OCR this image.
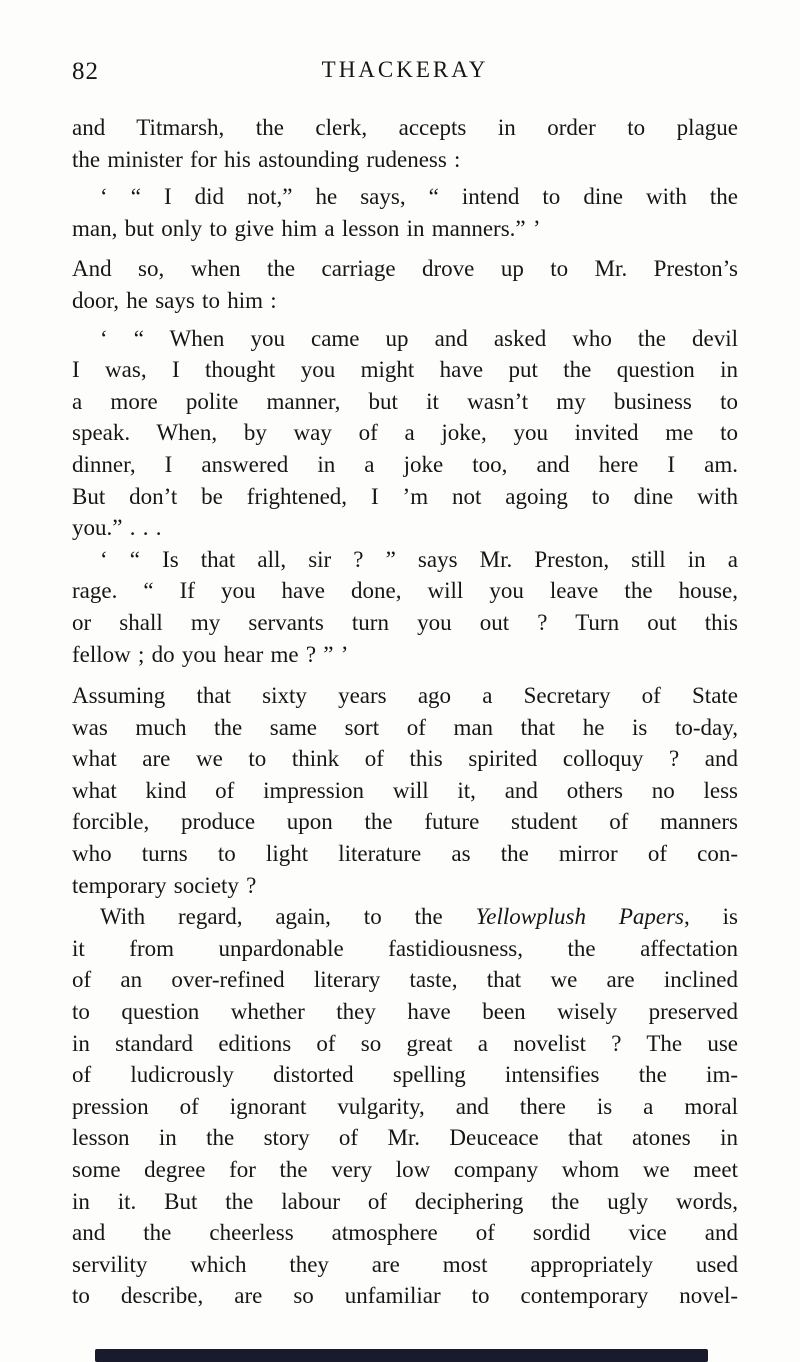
82	THACKERAY
and Titmarsh, the clerk, accepts in order to plague
the minister for his astounding rudeness :
‘ “ I did not,” he says, “ intend to dine with the
man, but only to give him a lesson in manners.” ’
And so, when the carriage drove up to Mr. Preston’s
door, he says to him :
‘ “ When you came up and asked who the devil
I was, I thought you might have put the question in
a more polite manner, but it wasn’t my business to
speak. When, by way of a joke, you invited me to
dinner, I answered in a joke too, and here I am.
But don’t be frightened, I ’m not agoing to dine with
you.” . . .
‘ “ Is that all, sir ? ” says Mr. Preston, still in a
rage. “ If you have done, will you leave the house,
or shall my servants turn you out ? Turn out this
fellow ; do you hear me ? ” ’
Assuming that sixty years ago a Secretary of State
was much the same sort of man that he is to-day,
what are we to think of this spirited colloquy ? and
what kind of impression will it, and others no less
forcible, produce upon the future student of manners
who turns to light literature as the mirror of con-
temporary society ?
With regard, again, to the Yellowplush Papers, is
it from unpardonable fastidiousness, the affectation
of an over-refined literary taste, that we are inclined
to question whether they have been wisely preserved
in standard editions of so great a novelist ? The use
of ludicrously distorted spelling intensifies the im-
pression of ignorant vulgarity, and there is a moral
lesson in the story of Mr. Deuceace that atones in
some degree for the very low company whom we meet
in it. But the labour of deciphering the ugly words,
and the cheerless atmosphere of sordid vice and
servility which they are most appropriately used
to describe, are so unfamiliar to contemporary novel-
